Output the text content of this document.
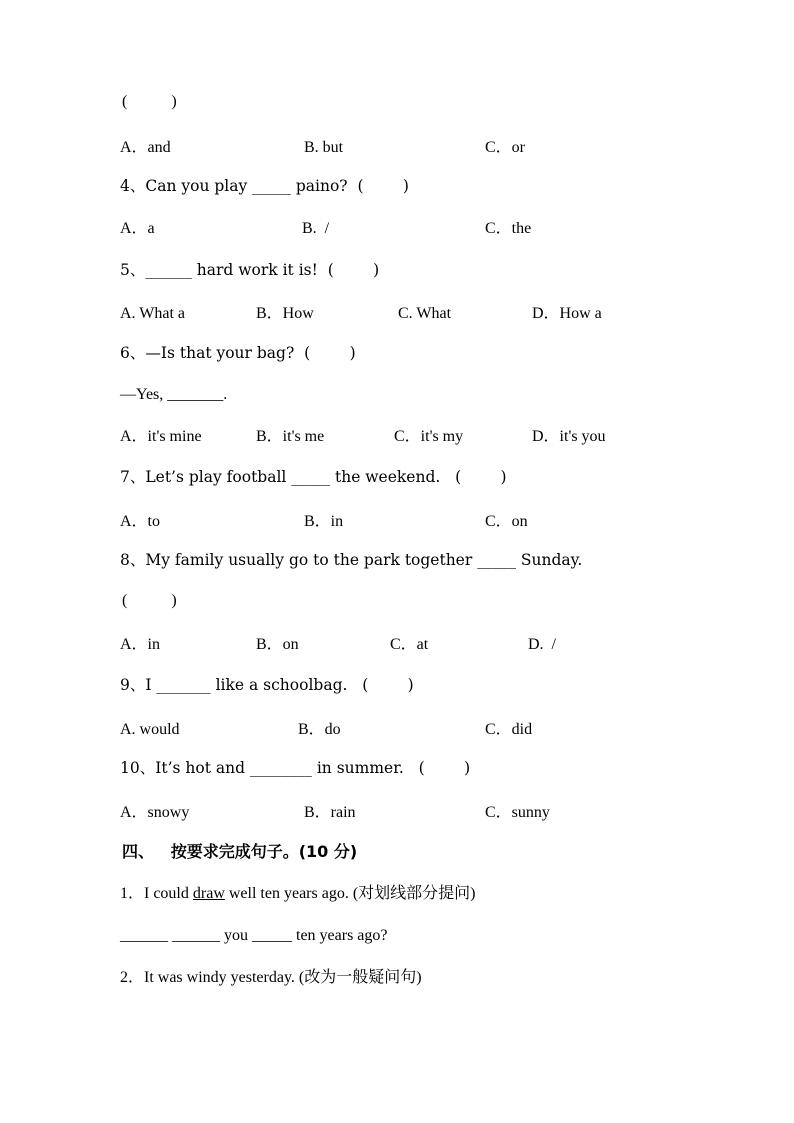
(           )
A．and	B. but	C．or
4、Can you play _____ paino?  (        )
A．a	B.  /	C．the
5、______ hard work it is!  (        )
A. What a	B．How	C. What	D．How a
6、—Is that your bag?  (        )
—Yes, _______.
A．it's mine	B．it's me	C．it's my	D．it's you
7、Let’s play football _____ the weekend.   (        )
A．to	B．in	C．on
8、My family usually go to the park together _____ Sunday.
(           )
A．in	B．on	C．at	D.  /
9、I _______ like a schoolbag.   (        )
A. would	B．do	C．did
10、It’s hot and ________ in summer.   (        )
A．snowy	B．rain	C．sunny
四、   按要求完成句子。(10 分)
1．I could draw well ten years ago. (对划线部分提问)
______ ______ you _____ ten years ago?
2．It was windy yesterday. (改为一般疑问句)
